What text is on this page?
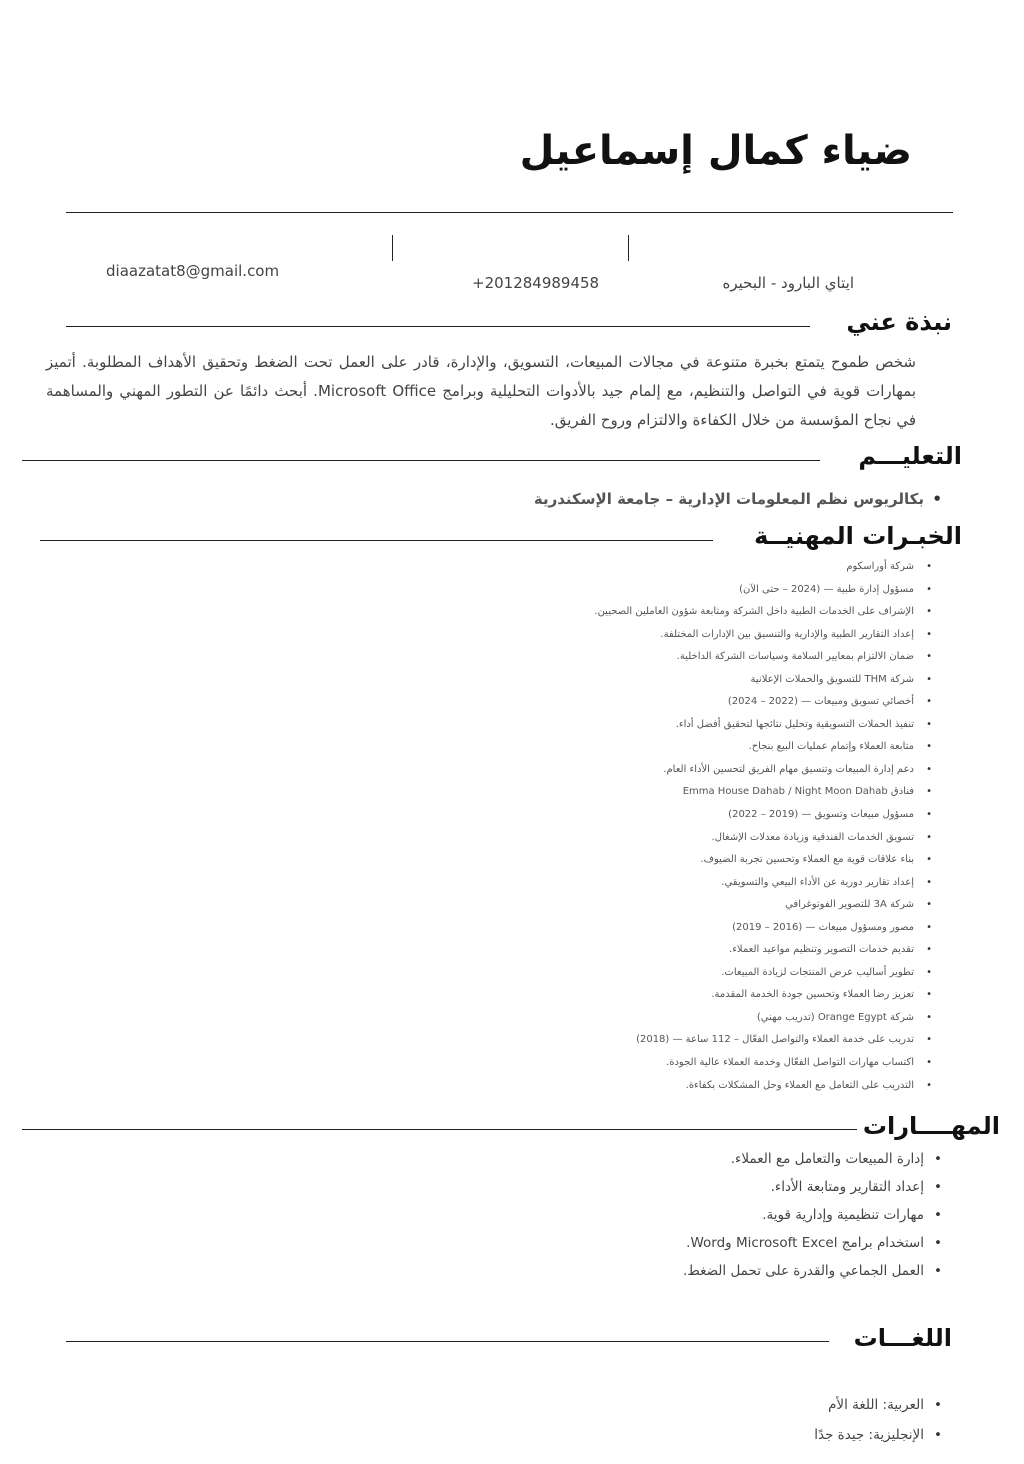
ضياء كمال إسماعيل
diaazatat8@gmail.com
+201284989458	ايتاي البارود - البحيره
نبذة عني
شخص طموح يتمتع بخبرة متنوعة في مجالات المبيعات، التسويق، والإدارة، قادر على العمل تحت الضغط وتحقيق الأهداف المطلوبة. أتميز بمهارات قوية في التواصل والتنظيم، مع إلمام جيد بالأدوات التحليلية وبرامج Microsoft Office. أبحث دائمًا عن التطور المهني والمساهمة في نجاح المؤسسة من خلال الكفاءة والالتزام وروح الفريق.
التعليـــم
• بكالريوس نظم المعلومات الإدارية – جامعة الإسكندرية
الخبـرات المهنيــة
• شركة أوراسكوم
• مسؤول إدارة طبية — (2024 – حتى الآن)
• الإشراف على الخدمات الطبية داخل الشركة ومتابعة شؤون العاملين الصحيين.
• إعداد التقارير الطبية والإدارية والتنسيق بين الإدارات المختلفة.
• ضمان الالتزام بمعايير السلامة وسياسات الشركة الداخلية.
• شركة THM للتسويق والحملات الإعلانية
• أخصائي تسويق ومبيعات — (2022 – 2024)
• تنفيذ الحملات التسويقية وتحليل نتائجها لتحقيق أفضل أداء.
• متابعة العملاء وإتمام عمليات البيع بنجاح.
• دعم إدارة المبيعات وتنسيق مهام الفريق لتحسين الأداء العام.
• فنادق Emma House Dahab / Night Moon Dahab
• مسؤول مبيعات وتسويق — (2019 – 2022)
• تسويق الخدمات الفندقية وزيادة معدلات الإشغال.
• بناء علاقات قوية مع العملاء وتحسين تجربة الضيوف.
• إعداد تقارير دورية عن الأداء البيعي والتسويقي.
• شركة 3A للتصوير الفوتوغرافي
• مصور ومسؤول مبيعات — (2016 – 2019)
• تقديم خدمات التصوير وتنظيم مواعيد العملاء.
• تطوير أساليب عرض المنتجات لزيادة المبيعات.
• تعزيز رضا العملاء وتحسين جودة الخدمة المقدمة.
• شركة Orange Egypt (تدريب مهني)
• تدريب على خدمة العملاء والتواصل الفعّال – 112 ساعة — (2018)
• اكتساب مهارات التواصل الفعّال وخدمة العملاء عالية الجودة.
• التدريب على التعامل مع العملاء وحل المشكلات بكفاءة.
المهــــارات
• إدارة المبيعات والتعامل مع العملاء.
• إعداد التقارير ومتابعة الأداء.
• مهارات تنظيمية وإدارية قوية.
• استخدام برامج Microsoft Excel وWord.
• العمل الجماعي والقدرة على تحمل الضغط.
اللغـــات
• العربية: اللغة الأم
• الإنجليزية: جيدة جدًا
